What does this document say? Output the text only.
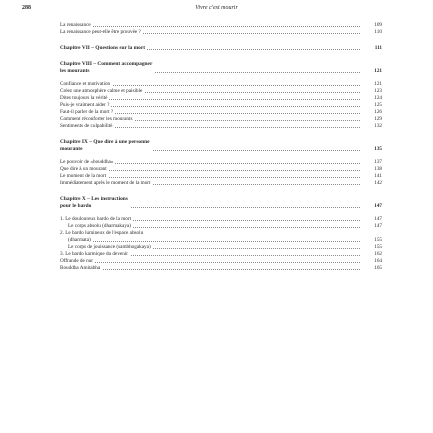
288	Vivre c'est mourir
La renaissance	109
La renaissance peut-elle être prouvée ?	110
Chapitre VII – Questions sur la mort	111
Chapitre VIII – Comment accompagner
les mourants	121
Confiance et motivation	121
Créez une atmosphère calme et paisible	123
Dites toujours la vérité	124
Puis-je vraiment aider ?	125
Faut-il parler de la mort ?	126
Comment réconforter les mourants	129
Sentiments de culpabilité	132
Chapitre IX – Que dire à une personne
mourante	135
Le pouvoir de «bouddha»	137
Que dire à un mourant	138
Le moment de la mort	141
Immédiatement après le moment de la mort	142
Chapitre X – Les instructions
pour le bardo	147
1. Le douloureux bardo de la mort	147
Le corps absolu (dharmakaya)	147
2. Le bardo lumineux de l'espace absolu
(dharmata)	155
Le corps de jouissance (sambhogakaya)	155
3. Le bardo karmique du devenir	162
Offrande de nur	164
Bouddha Amitabha	165
